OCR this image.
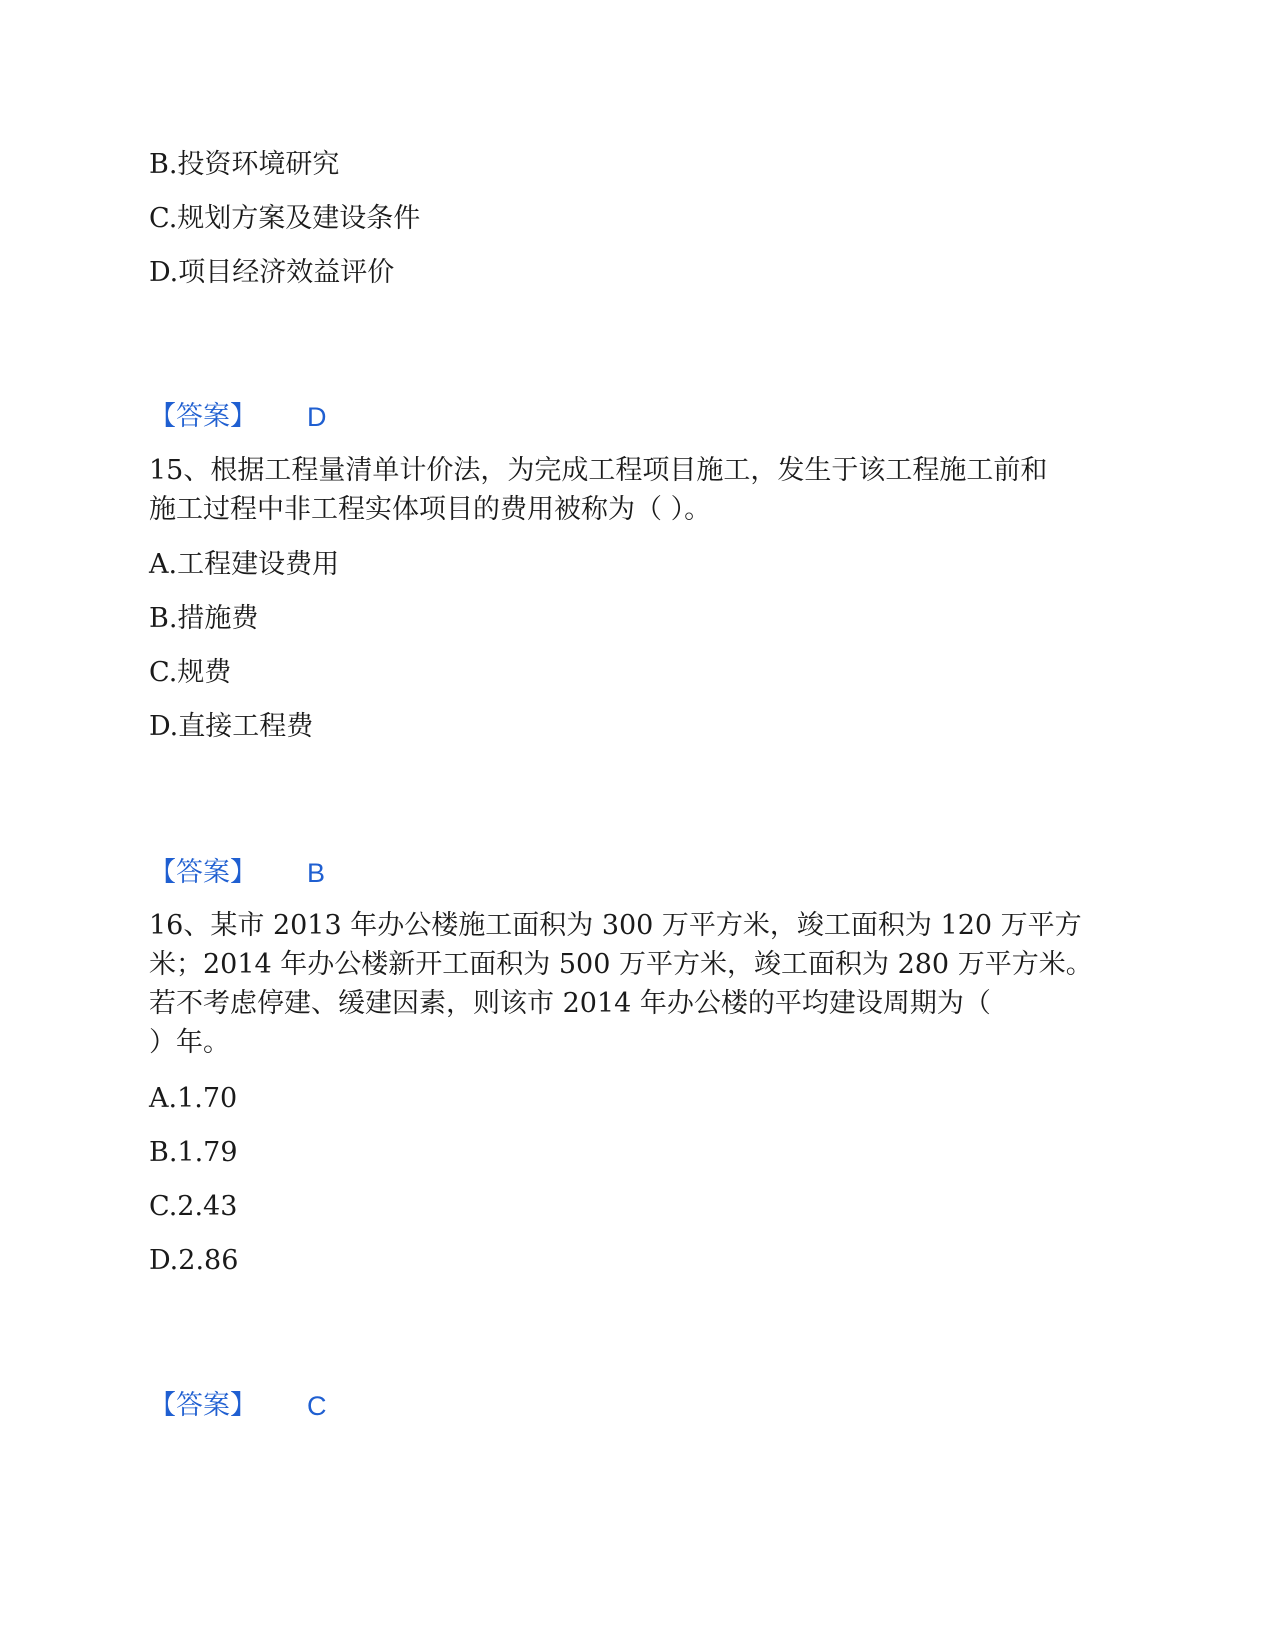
B.投资环境研究
C.规划方案及建设条件
D.项目经济效益评价
【答案】 D
15、根据工程量清单计价法，为完成工程项目施工，发生于该工程施工前和
施工过程中非工程实体项目的费用被称为（ ）。
A.工程建设费用
B.措施费
C.规费
D.直接工程费
【答案】 B
16、某市 2013 年办公楼施工面积为 300 万平方米，竣工面积为 120 万平方
米；2014 年办公楼新开工面积为 500 万平方米，竣工面积为 280 万平方米。
若不考虑停建、缓建因素，则该市 2014 年办公楼的平均建设周期为（
）年。
A.1.70
B.1.79
C.2.43
D.2.86
【答案】 C
